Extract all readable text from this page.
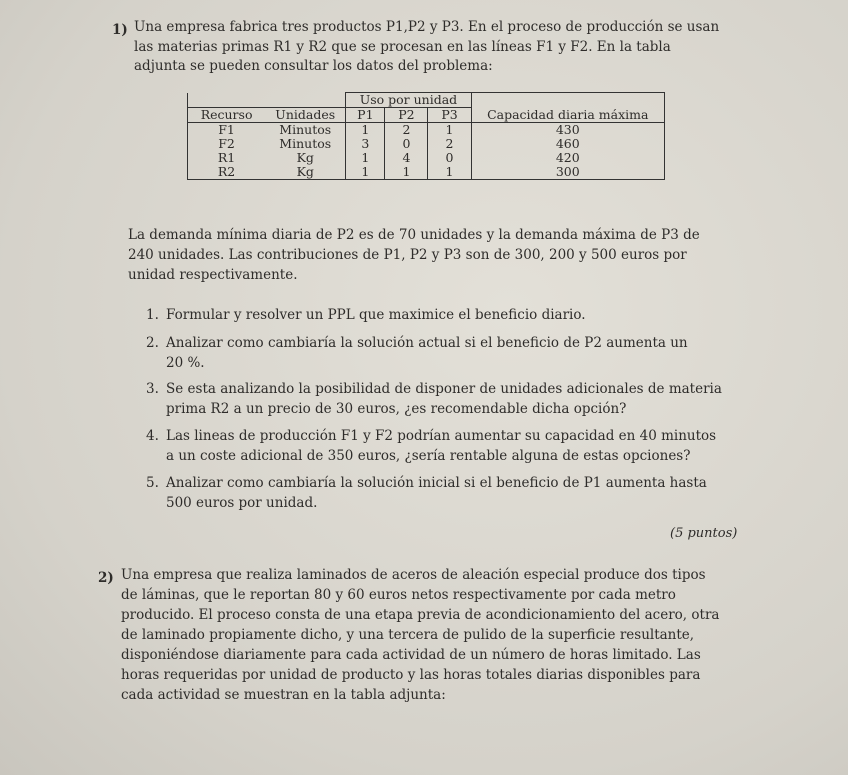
1) Una empresa fabrica tres productos P1,P2 y P3. En el proceso de producción se usan
las materias primas R1 y R2 que se procesan en las líneas F1 y F2. En la tabla
adjunta se pueden consultar los datos del problema:
		Uso por unidad			
Recurso	Unidades	P1	P2	P3	Capacidad diaria máxima
F1	Minutos	1	2	1	430
F2	Minutos	3	0	2	460
R1	Kg	1	4	0	420
R2	Kg	1	1	1	300
La demanda mínima diaria de P2 es de 70 unidades y la demanda máxima de P3 de
240 unidades. Las contribuciones de P1, P2 y P3 son de 300, 200 y 500 euros por
unidad respectivamente.
1. Formular y resolver un PPL que maximice el beneficio diario.
2. Analizar como cambiaría la solución actual si el beneficio de P2 aumenta un
20 %.
3. Se esta analizando la posibilidad de disponer de unidades adicionales de materia
prima R2 a un precio de 30 euros, ¿es recomendable dicha opción?
4. Las lineas de producción F1 y F2 podrían aumentar su capacidad en 40 minutos
a un coste adicional de 350 euros, ¿sería rentable alguna de estas opciones?
5. Analizar como cambiaría la solución inicial si el beneficio de P1 aumenta hasta
500 euros por unidad.
(5 puntos)
2) Una empresa que realiza laminados de aceros de aleación especial produce dos tipos
de láminas, que le reportan 80 y 60 euros netos respectivamente por cada metro
producido. El proceso consta de una etapa previa de acondicionamiento del acero, otra
de laminado propiamente dicho, y una tercera de pulido de la superficie resultante,
disponiéndose diariamente para cada actividad de un número de horas limitado. Las
horas requeridas por unidad de producto y las horas totales diarias disponibles para
cada actividad se muestran en la tabla adjunta:
